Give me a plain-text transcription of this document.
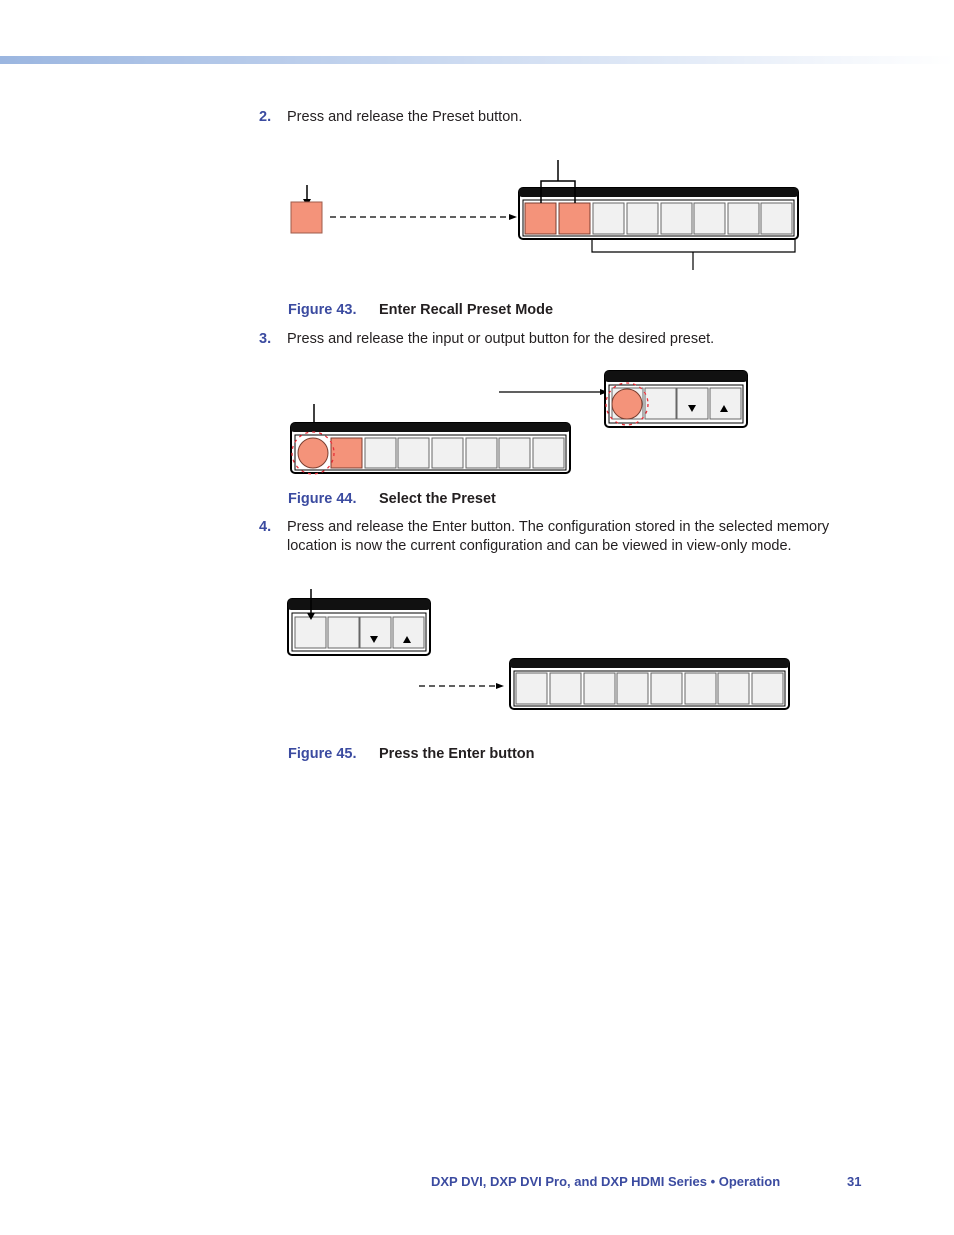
2. Press and release the Preset button.
Figure 43. Enter Recall Preset Mode
3. Press and release the input or output button for the desired preset.
Figure 44. Select the Preset
4. Press and release the Enter button. The configuration stored in the selected memory location is now the current configuration and can be viewed in view-only mode.
Figure 45. Press the Enter button
DXP DVI, DXP DVI Pro, and DXP HDMI Series • Operation	31
